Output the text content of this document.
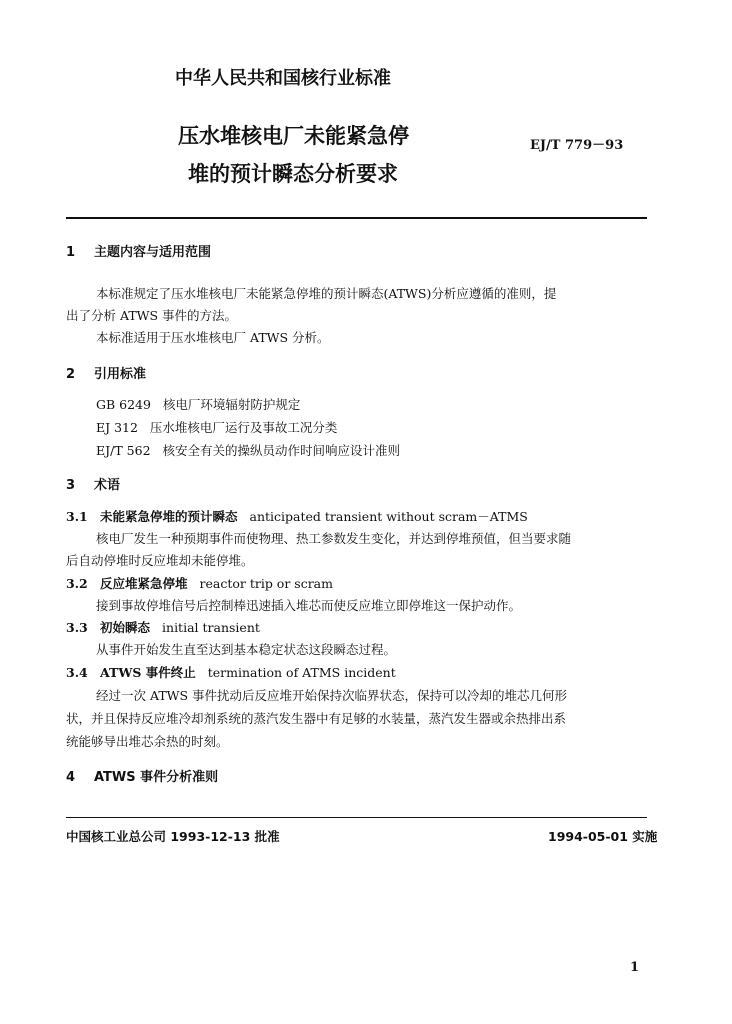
中华人民共和国核行业标准
压水堆核电厂未能紧急停
堆的预计瞬态分析要求
EJ/T 779－93
1 主题内容与适用范围
本标准规定了压水堆核电厂未能紧急停堆的预计瞬态(ATWS)分析应遵循的准则，提
出了分析 ATWS 事件的方法。
本标准适用于压水堆核电厂 ATWS 分析。
2 引用标准
GB 6249 核电厂环境辐射防护规定
EJ 312 压水堆核电厂运行及事故工况分类
EJ/T 562 核安全有关的操纵员动作时间响应设计准则
3 术语
3.1 未能紧急停堆的预计瞬态 anticipated transient without scram－ATMS
核电厂发生一种预期事件而使物理、热工参数发生变化，并达到停堆预值，但当要求随
后自动停堆时反应堆却未能停堆。
3.2 反应堆紧急停堆 reactor trip or scram
接到事故停堆信号后控制棒迅速插入堆芯而使反应堆立即停堆这一保护动作。
3.3 初始瞬态 initial transient
从事件开始发生直至达到基本稳定状态这段瞬态过程。
3.4 ATWS 事件终止 termination of ATMS incident
经过一次 ATWS 事件扰动后反应堆开始保持次临界状态，保持可以冷却的堆芯几何形
状，并且保持反应堆冷却剂系统的蒸汽发生器中有足够的水装量，蒸汽发生器或余热排出系
统能够导出堆芯余热的时刻。
4 ATWS 事件分析准则
中国核工业总公司 1993-12-13 批准	1994-05-01 实施
1
